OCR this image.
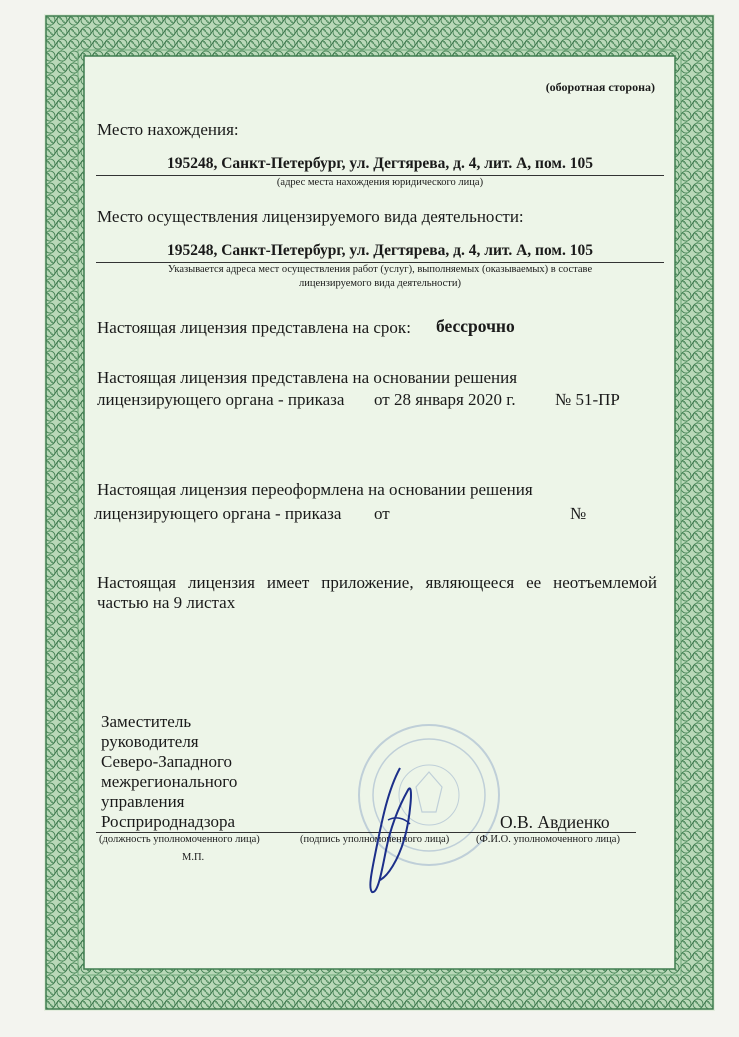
(оборотная сторона)
Место нахождения:
195248, Санкт-Петербург, ул. Дегтярева, д. 4, лит. А, пом. 105
(адрес места нахождения юридического лица)
Место осуществления лицензируемого вида деятельности:
195248, Санкт-Петербург, ул. Дегтярева, д. 4, лит. А, пом. 105
Указывается адреса мест осуществления работ (услуг), выполняемых (оказываемых) в составе
лицензируемого вида деятельности)
Настоящая лицензия представлена на срок: бессрочно
Настоящая лицензия представлена на основании решения
лицензирующего органа - приказа от 28 января 2020 г. № 51-ПР
Настоящая лицензия переоформлена на основании решения
лицензирующего органа - приказа от	№
Настоящая лицензия имеет приложение, являющееся ее неотъемлемой частью на 9 листах
Заместитель
руководителя
Северо-Западного
межрегионального
управления
Росприроднадзора	О.В. Авдиенко
(должность уполномоченного лица)	(подпись уполномоченного лица)	(Ф.И.О. уполномоченного лица)
М.П.
